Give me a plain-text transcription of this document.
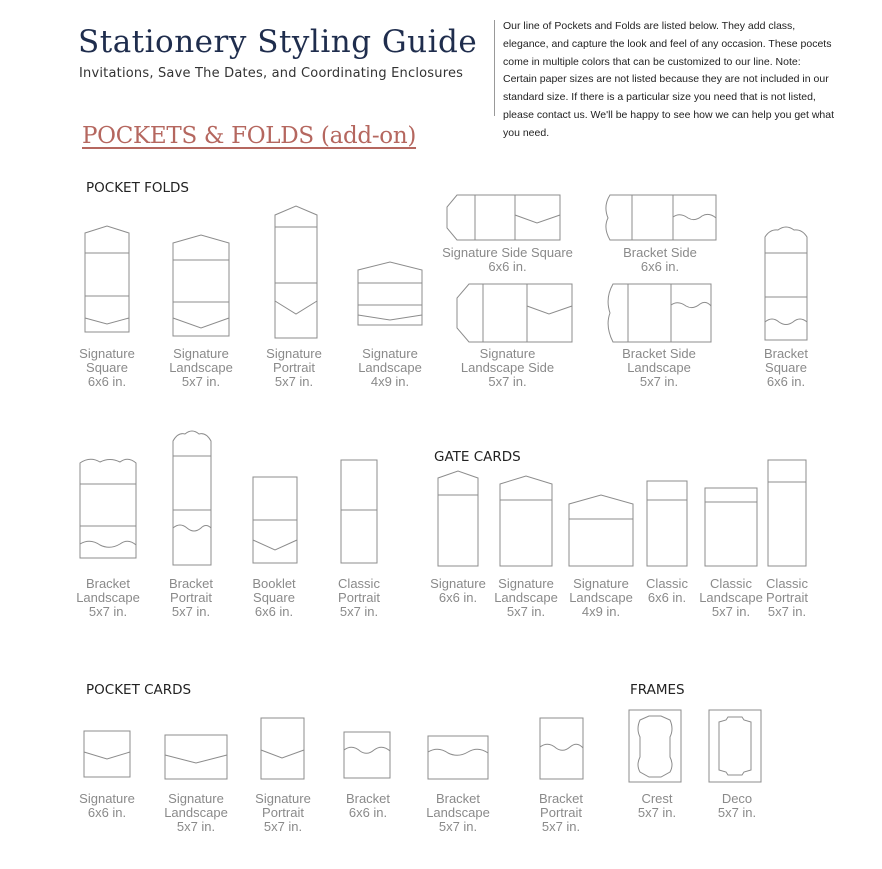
Stationery Styling Guide
Invitations, Save The Dates, and Coordinating Enclosures
Our line of Pockets and Folds are listed below. They add class, elegance, and capture the look and feel of any occasion. These pocets come in multiple colors that can be customized to our line. Note: Certain paper sizes are not listed because they are not included in our standard size. If there is a particular size you need that is not listed, please contact us. We'll be happy to see how we can help you get what you need.
POCKETS & FOLDS (add-on)
POCKET FOLDS
GATE CARDS
POCKET CARDS	FRAMES
Signature
Square
6x6 in.
Signature
Landscape
5x7 in.
Signature
Portrait
5x7 in.
Signature
Landscape
4x9 in.
Signature Side Square
6x6 in.
Bracket Side
6x6 in.
Signature
Landscape Side
5x7 in.
Bracket Side
Landscape
5x7 in.
Bracket
Square
6x6 in.
Bracket
Landscape
5x7 in.
Bracket
Portrait
5x7 in.
Booklet
Square
6x6 in.
Classic
Portrait
5x7 in.
Signature
6x6 in.
Signature
Landscape
5x7 in.
Signature
Landscape
4x9 in.
Classic
6x6 in.
Classic
Landscape
5x7 in.
Classic
Portrait
5x7 in.
Signature
6x6 in.
Signature
Landscape
5x7 in.
Signature
Portrait
5x7 in.
Bracket
6x6 in.
Bracket
Landscape
5x7 in.
Bracket
Portrait
5x7 in.
Crest
5x7 in.
Deco
5x7 in.
